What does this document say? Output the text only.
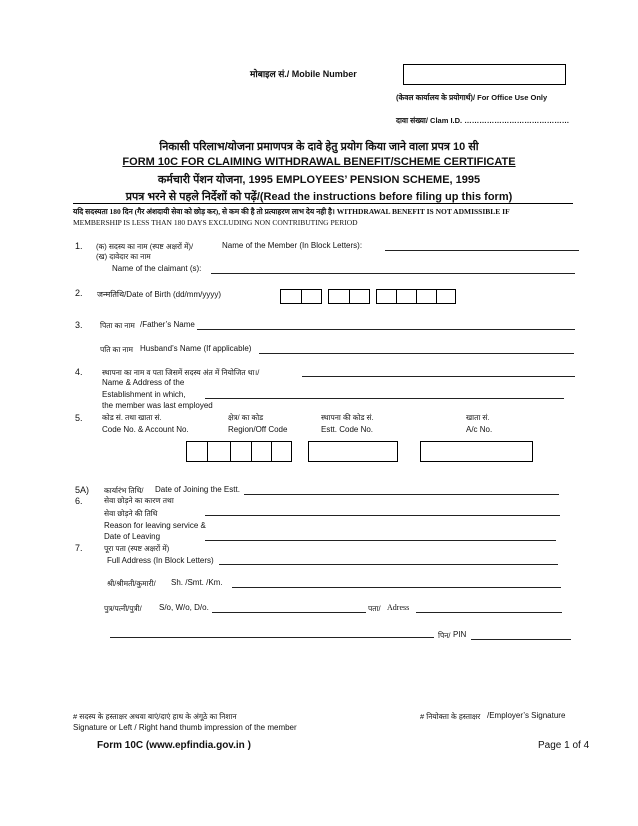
मोबाइल सं./ Mobile Number
(केवल कार्यालय के प्रयोगार्थ)/ For Office Use Only
दावा संख्या/ Clam I.D. ……………………………………
निकासी परिलाभ/योजना प्रमाणपत्र के दावे हेतु प्रयोग किया जाने वाला प्रपत्र 10 सी
FORM 10C FOR CLAIMING WITHDRAWAL BENEFIT/SCHEME CERTIFICATE
कर्मचारी पेंशन योजना, 1995 EMPLOYEES’ PENSION SCHEME, 1995
प्रपत्र भरने से पहले निर्देशों को पढ़ें/(Read the instructions before filing up this form)
यदि सदस्यता 180 दिन (गैर अंशदायी सेवा को छोड़ कर), से कम की है तो प्रत्याहरण लाभ देय नही है। WITHDRAWAL BENEFIT IS NOT ADMISSIBLE IF
MEMBERSHIP IS LESS THAN 180 DAYS EXCLUDING NON CONTRIBUTING PERIOD
1. (क) सदस्य का नाम (स्पष्ट अक्षरों में)/	Name of the Member (In Block Letters):
(ख) दावेदार का नाम
Name of the claimant (s):
2. जन्मतिथि/Date of Birth (dd/mm/yyyy)
3. पिता का नाम /Father’s Name
पति का नाम Husband’s Name (If applicable)
4.	स्थापना का नाम व पता जिसमें सदस्य अंत में नियोजित था।/
Name & Address of the
Establishment in which,
the member was last employed
5.	कोड सं. तथा खाता सं.	क्षेत्र/ का कोड	स्थापना की कोड सं.	खाता सं.
Code No. & Account No.	Region/Off Code	Estt. Code No.	A/c No.
5A) कार्यारंभ तिथि/ Date of Joining the Estt.
6.	सेवा छोड़ने का कारण तथा
सेवा छोड़ने की तिथि
Reason for leaving service &
Date of Leaving
7.	पूरा पता (स्पष्ट अक्षरों में)
Full Address (In Block Letters)
श्री/श्रीमती/कुमारी/ Sh. /Smt. /Km.
पुत्र/पत्नी/पुत्री/ S/o, W/o, D/o.	पता/ Adress
पिन/ PIN
# सदस्य के हस्ताक्षर अथवा बाएं/दाएं हाथ के अंगूठे का निशान
Signature or Left / Right hand thumb impression of the member
# नियोक्ता के हस्ताक्षर /Employer’s Signature
Form 10C (www.epfindia.gov.in )	Page 1 of 4
